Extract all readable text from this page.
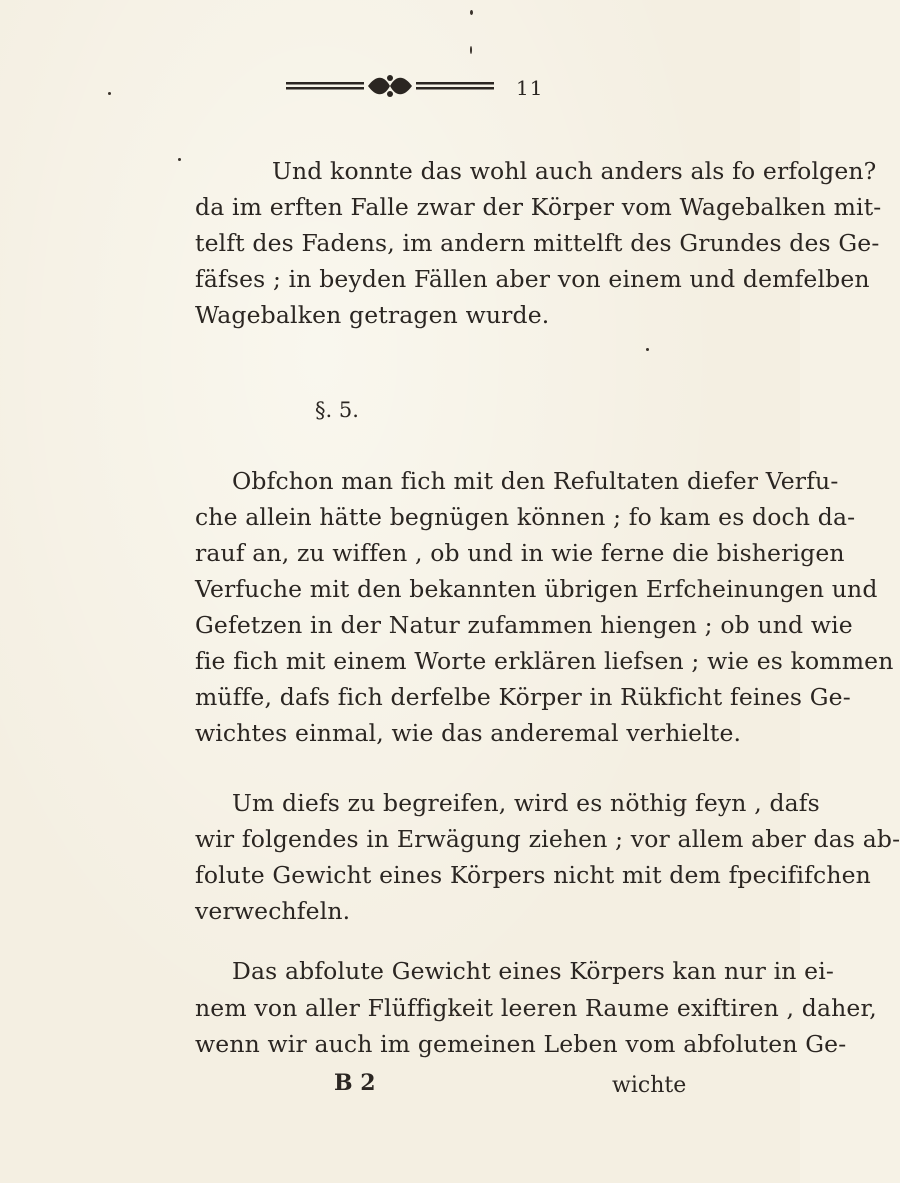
11
Und konnte das wohl auch anders als fo erfolgen?
da im erften Falle zwar der Körper vom Wagebalken mit-
telft des Fadens, im andern mittelft des Grundes des Ge-
fäfses ; in beyden Fällen aber von einem und demfelben
Wagebalken getragen wurde.
§. 5.
Obfchon man fich mit den Refultaten diefer Verfu-
che allein hätte begnügen können ; fo kam es doch da-
rauf an, zu wiffen , ob und in wie ferne die bisherigen
Verfuche mit den bekannten übrigen Erfcheinungen und
Gefetzen in der Natur zufammen hiengen ; ob und wie
fie fich mit einem Worte erklären liefsen ; wie es kommen
müffe, dafs fich derfelbe Körper in Rükficht feines Ge-
wichtes einmal, wie das anderemal verhielte.
Um diefs zu begreifen, wird es nöthig feyn , dafs
wir folgendes in Erwägung ziehen ; vor allem aber das ab-
folute Gewicht eines Körpers nicht mit dem fpecififchen
verwechfeln.
Das abfolute Gewicht eines Körpers kan nur in ei-
nem von aller Flüffigkeit leeren Raume exiftiren , daher,
wenn wir auch im gemeinen Leben vom abfoluten Ge-
B 2	wichte
